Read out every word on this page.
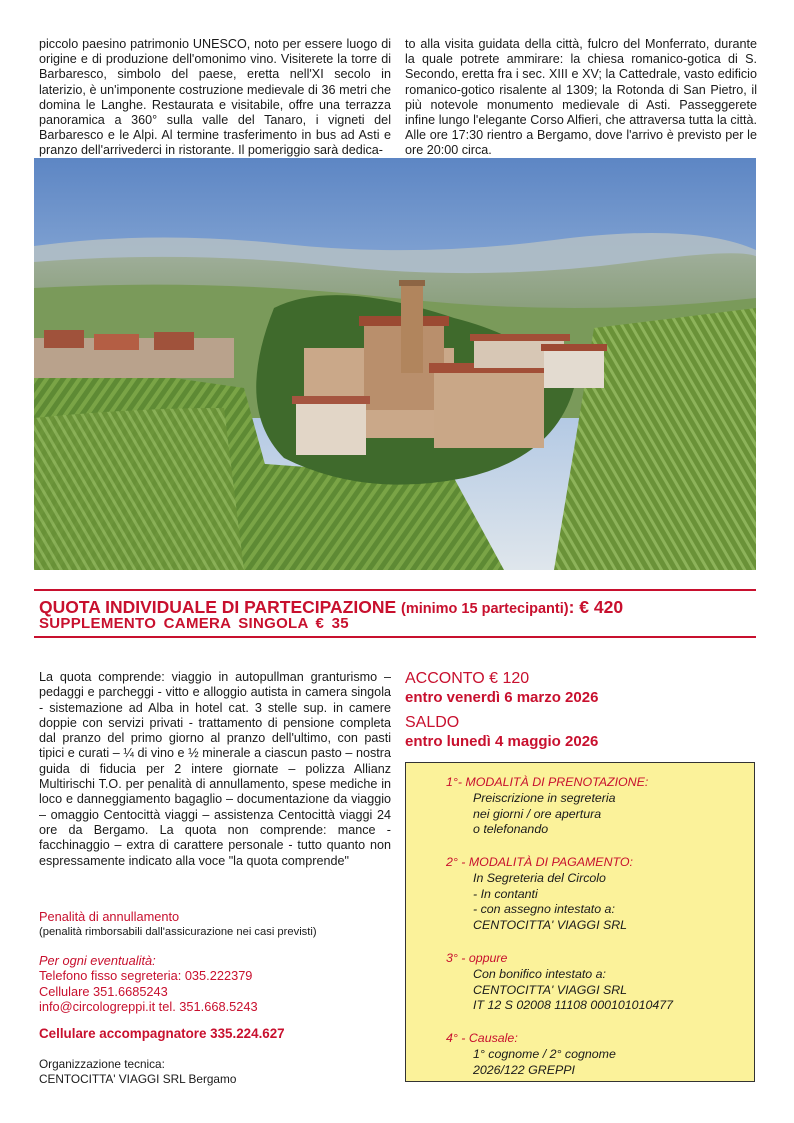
piccolo paesino patrimonio UNESCO, noto per essere luogo di origine e di produzione dell'omonimo vino. Visiterete la torre di Barbaresco, simbolo del paese, eretta nell'XI secolo in laterizio, è un'imponente costruzione medievale di 36 metri che domina le Langhe. Restaurata e visitabile, offre una terrazza panoramica a 360° sulla valle del Tanaro, i vigneti del Barbaresco e le Alpi. Al termine trasferimento in bus ad Asti e pranzo dell'arrivederci in ristorante. Il pomeriggio sarà dedica-
to alla visita guidata della città, fulcro del Monferrato, durante la quale potrete ammirare: la chiesa romanico-gotica di S. Secondo, eretta fra i sec. XIII e XV; la Cattedrale, vasto edificio romanico-gotico risalente al 1309; la Rotonda di San Pietro, il più notevole monumento medievale di Asti. Passeggerete infine lungo l'elegante Corso Alfieri, che attraversa tutta la città. Alle ore 17:30 rientro a Bergamo, dove l'arrivo è previsto per le ore 20:00 circa.
QUOTA INDIVIDUALE DI PARTECIPAZIONE (minimo 15 partecipanti): € 420
SUPPLEMENTO CAMERA SINGOLA € 35
La quota comprende: viaggio in autopullman granturismo – pedaggi e parcheggi - vitto e alloggio autista in camera singola - sistemazione ad Alba in hotel cat. 3 stelle sup. in camere doppie con servizi privati - trattamento di pensione completa dal pranzo del primo giorno al pranzo dell'ultimo, con pasti tipici e curati – ¼ di vino e ½ minerale a ciascun pasto – nostra guida di fiducia per 2 intere giornate – polizza Allianz Multirischi T.O. per penalità di annullamento, spese mediche in loco e danneggiamento bagaglio – documentazione da viaggio – omaggio Centocittà viaggi – assistenza Centocittà viaggi 24 ore da Bergamo. La quota non comprende: mance - facchinaggio – extra di carattere personale - tutto quanto non espressamente indicato alla voce "la quota comprende"
Penalità di annullamento
(penalità rimborsabili dall'assicurazione nei casi previsti)
Per ogni eventualità:
Telefono fisso segreteria: 035.222379
Cellulare 351.6685243
info@circologreppi.it tel. 351.668.5243
Cellulare accompagnatore 335.224.627
Organizzazione tecnica:
CENTOCITTA' VIAGGI SRL Bergamo
ACCONTO € 120
entro venerdì 6 marzo 2026
SALDO
entro lunedì 4 maggio 2026
1°- MODALITÀ DI PRENOTAZIONE:
Preiscrizione in segreteria
nei giorni / ore apertura
o telefonando
2° - MODALITÀ DI PAGAMENTO:
In Segreteria del Circolo
- In contanti
- con assegno intestato a:
CENTOCITTA' VIAGGI SRL
3° - oppure
Con bonifico intestato a:
CENTOCITTA' VIAGGI SRL
IT 12 S 02008 11108 000101010477
4° - Causale:
1° cognome / 2° cognome
2026/122 GREPPI
